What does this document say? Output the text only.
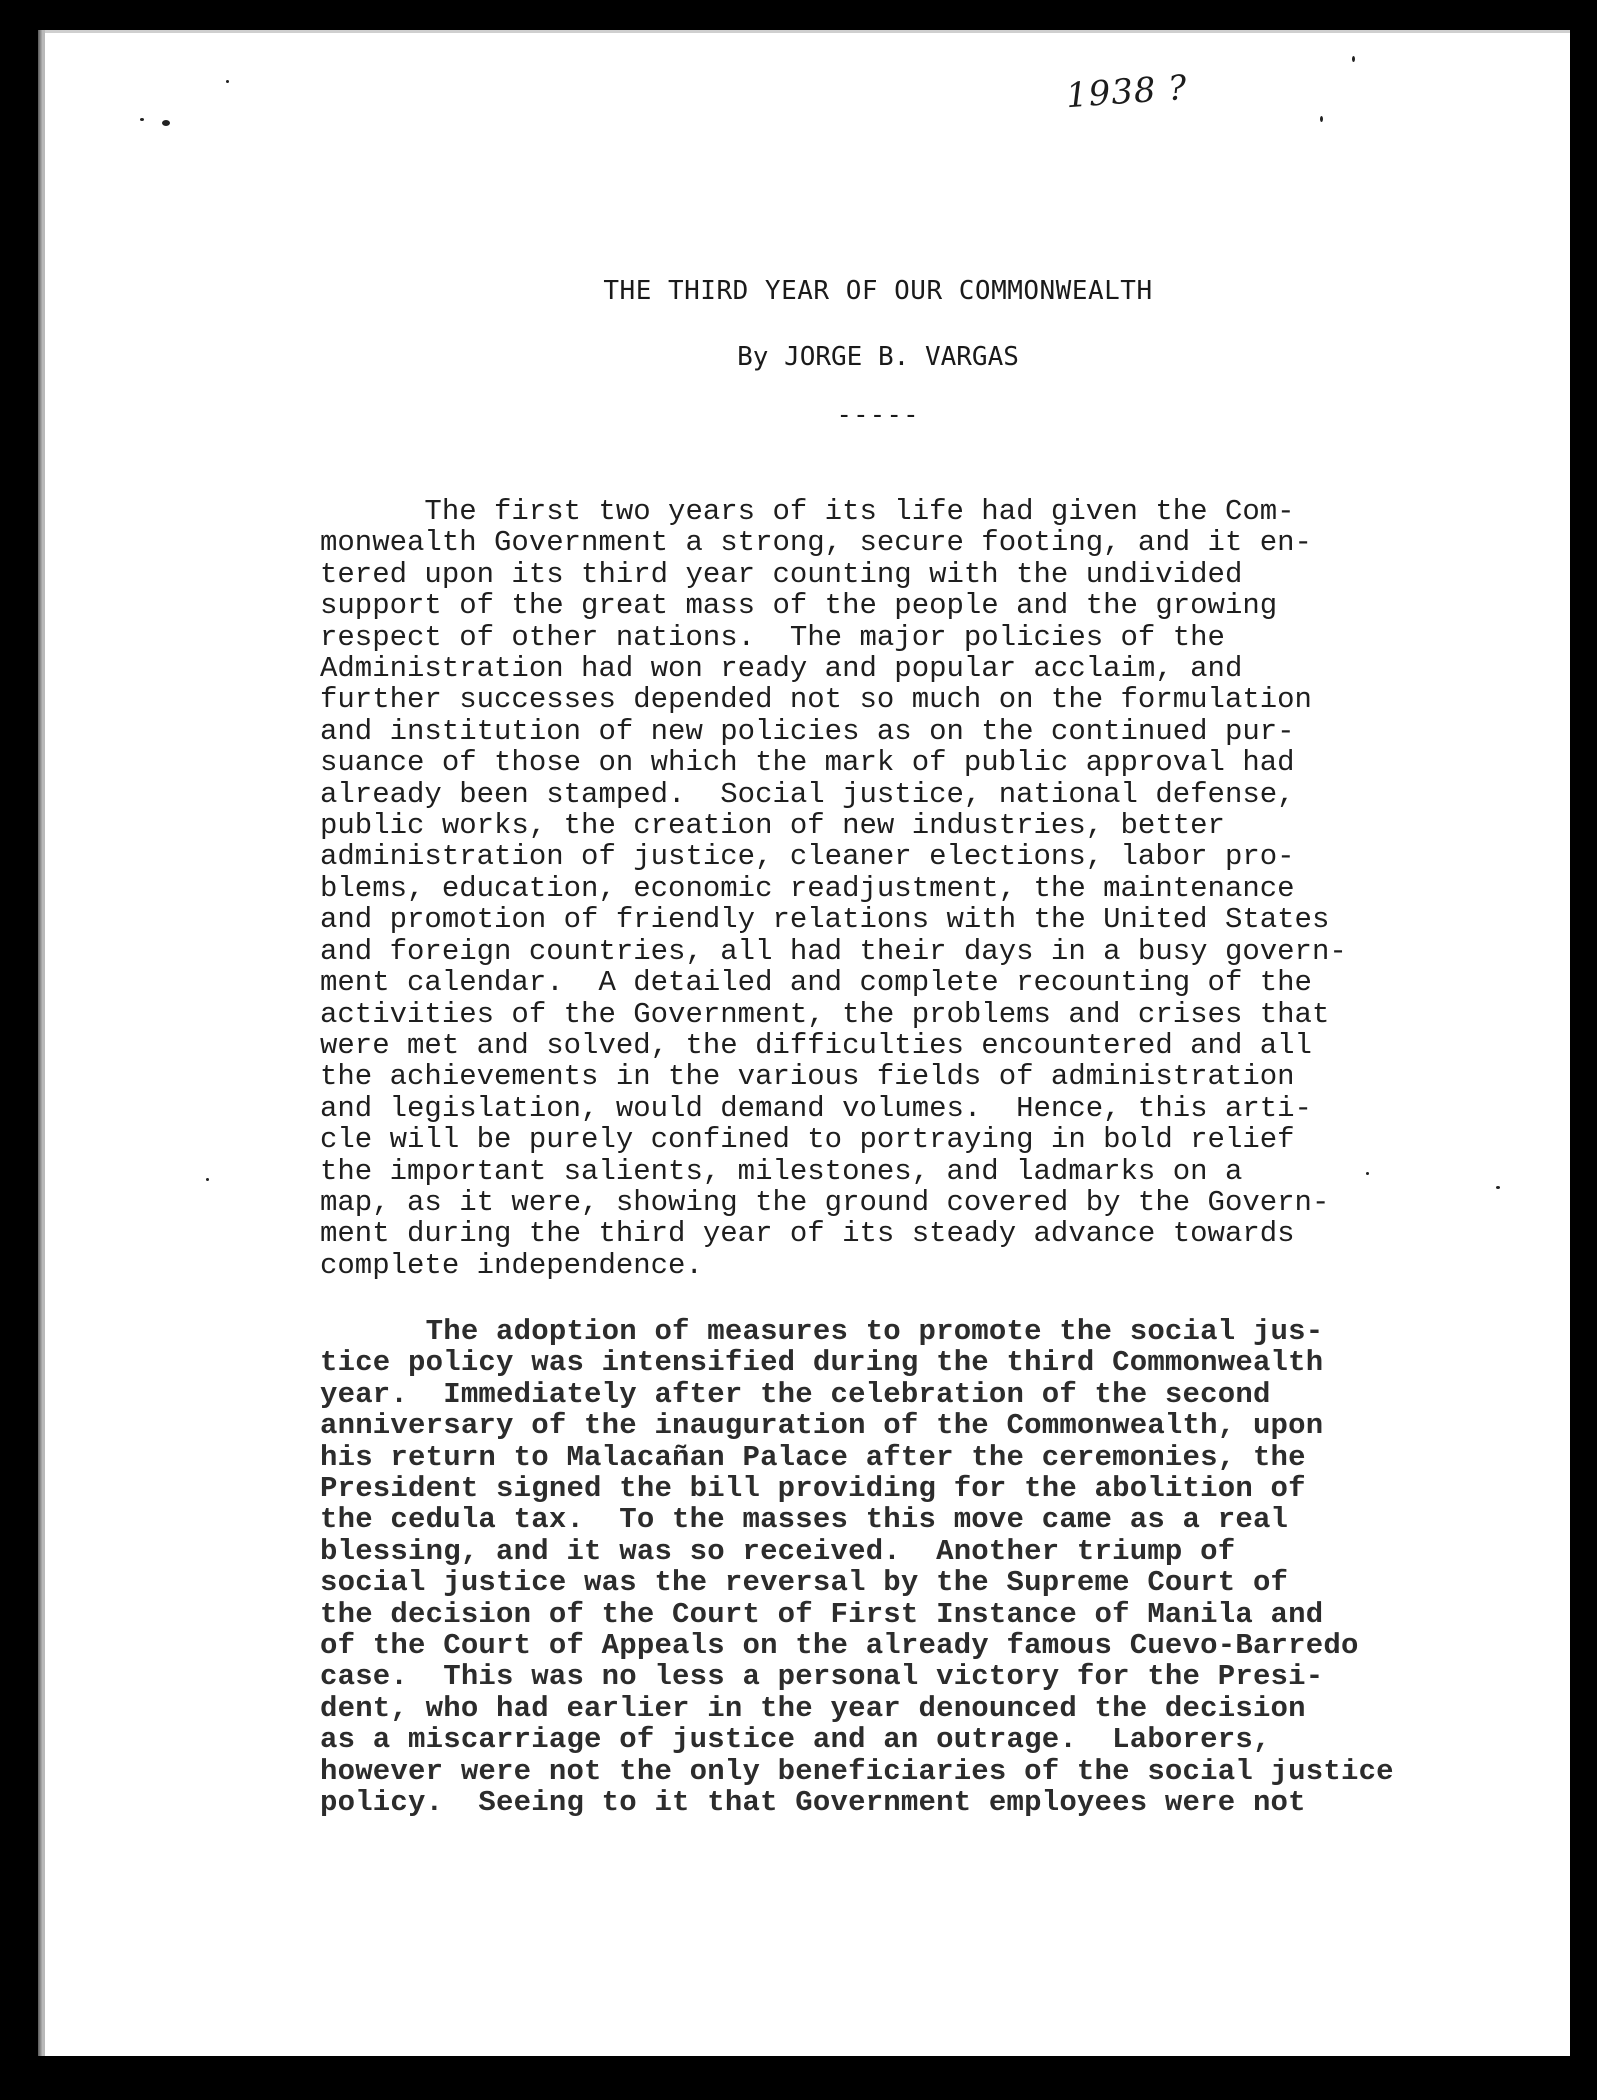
1938 ?
THE THIRD YEAR OF OUR COMMONWEALTH
By JORGE B. VARGAS
-----
The first two years of its life had given the Com-
monwealth Government a strong, secure footing, and it en-
tered upon its third year counting with the undivided
support of the great mass of the people and the growing
respect of other nations.  The major policies of the
Administration had won ready and popular acclaim, and
further successes depended not so much on the formulation
and institution of new policies as on the continued pur-
suance of those on which the mark of public approval had
already been stamped.  Social justice, national defense,
public works, the creation of new industries, better
administration of justice, cleaner elections, labor pro-
blems, education, economic readjustment, the maintenance
and promotion of friendly relations with the United States
and foreign countries, all had their days in a busy govern-
ment calendar.  A detailed and complete recounting of the
activities of the Government, the problems and crises that
were met and solved, the difficulties encountered and all
the achievements in the various fields of administration
and legislation, would demand volumes.  Hence, this arti-
cle will be purely confined to portraying in bold relief
the important salients, milestones, and ladmarks on a
map, as it were, showing the ground covered by the Govern-
ment during the third year of its steady advance towards
complete independence.
The adoption of measures to promote the social jus-
tice policy was intensified during the third Commonwealth
year.  Immediately after the celebration of the second
anniversary of the inauguration of the Commonwealth, upon
his return to Malacañan Palace after the ceremonies, the
President signed the bill providing for the abolition of
the cedula tax.  To the masses this move came as a real
blessing, and it was so received.  Another triump of
social justice was the reversal by the Supreme Court of
the decision of the Court of First Instance of Manila and
of the Court of Appeals on the already famous Cuevo-Barredo
case.  This was no less a personal victory for the Presi-
dent, who had earlier in the year denounced the decision
as a miscarriage of justice and an outrage.  Laborers,
however were not the only beneficiaries of the social justice
policy.  Seeing to it that Government employees were not
